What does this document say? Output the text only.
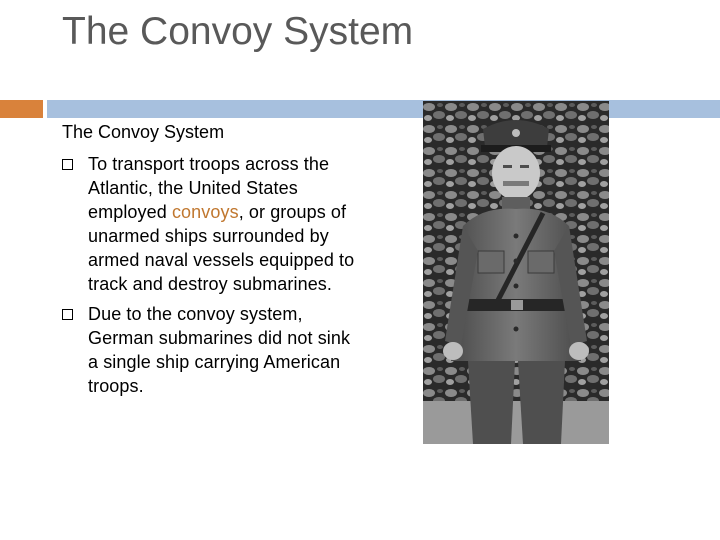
The Convoy System
The Convoy System
To transport troops across the Atlantic, the United States employed convoys, or groups of unarmed ships surrounded by armed naval vessels equipped to track and destroy submarines.
Due to the convoy system, German submarines did not sink a single ship carrying American troops.
